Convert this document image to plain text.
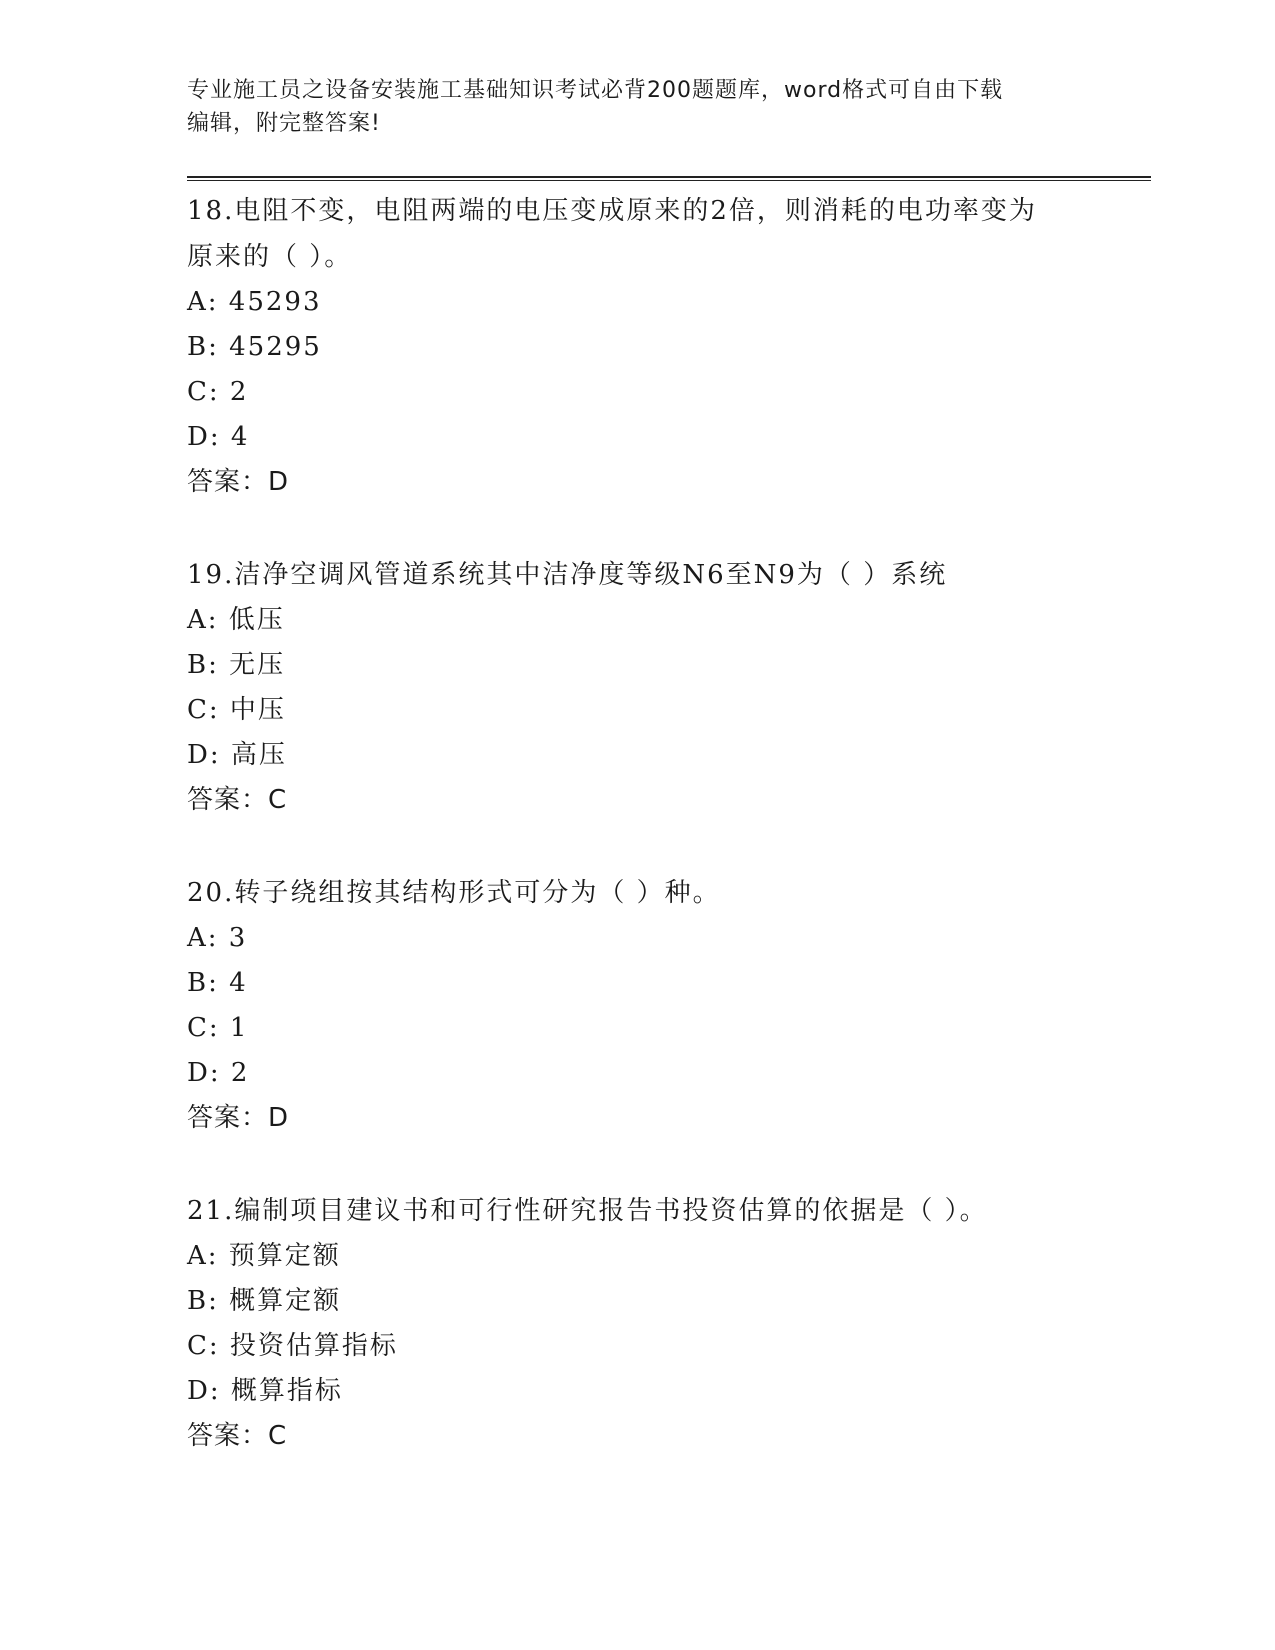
专业施工员之设备安装施工基础知识考试必背200题题库，word格式可自由下载
编辑，附完整答案!

18.电阻不变，电阻两端的电压变成原来的2倍，则消耗的电功率变为

原来的（ ）。

A: 45293

B: 45295

C: 2

D: 4

答案：D

19.洁净空调风管道系统其中洁净度等级N6至N9为（ ）系统

A: 低压

B: 无压

C: 中压

D: 高压

答案：C

20.转子绕组按其结构形式可分为（ ）种。

A: 3

B: 4

C: 1

D: 2

答案：D

21.编制项目建议书和可行性研究报告书投资估算的依据是（ ）。

A: 预算定额

B: 概算定额

C: 投资估算指标

D: 概算指标

答案：C
